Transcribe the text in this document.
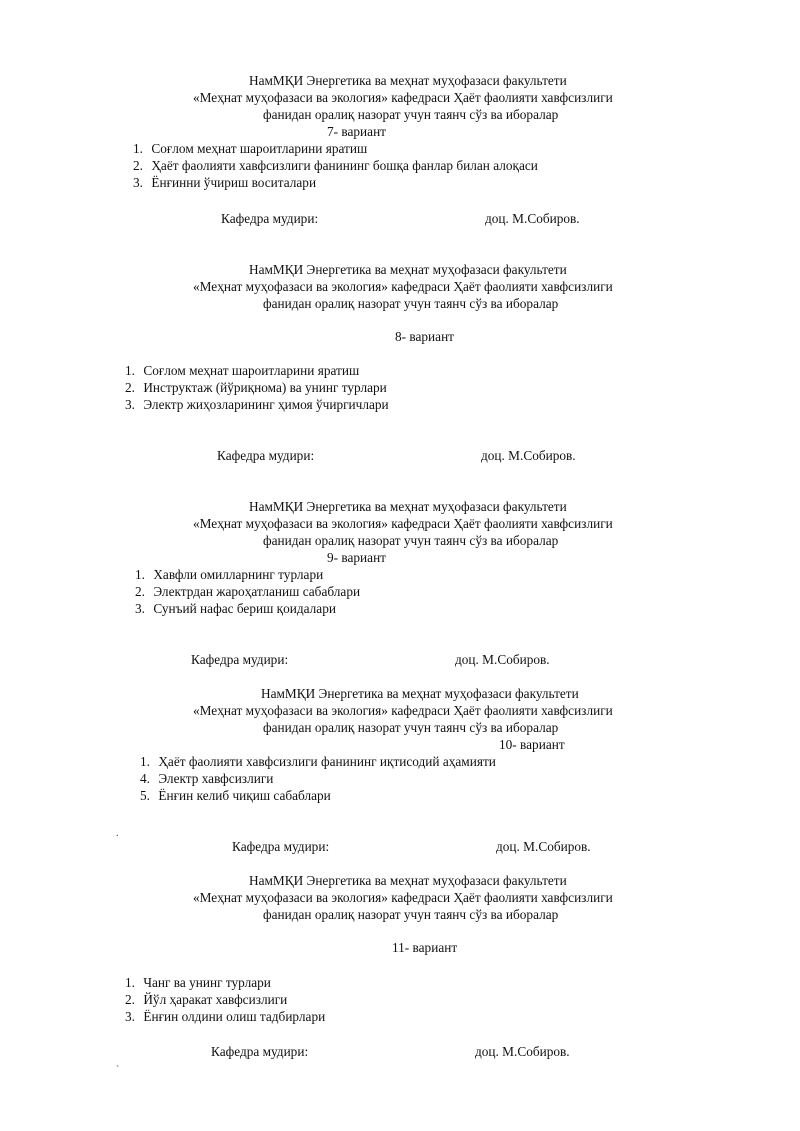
НамМҚИ Энергетика ва меҳнат муҳофазаси факультети
«Меҳнат муҳофазаси ва экология» кафедраси Ҳаёт фаолияти хавфсизлиги
фанидан оралиқ назорат учун таянч сўз ва иборалар
7- вариант
1. Соғлом меҳнат шароитларини яратиш
2. Ҳаёт фаолияти хавфсизлиги фанининг бошқа фанлар билан алоқаси
3. Ёнғинни ўчириш воситалари
Кафедра мудири:	доц. М.Собиров.
НамМҚИ Энергетика ва меҳнат муҳофазаси факультети
«Меҳнат муҳофазаси ва экология» кафедраси Ҳаёт фаолияти хавфсизлиги
фанидан оралиқ назорат учун таянч сўз ва иборалар
8- вариант
1. Соғлом меҳнат шароитларини яратиш
2. Инструктаж (йўриқнома) ва унинг турлари
3. Электр жиҳозларининг ҳимоя ўчиргичлари
Кафедра мудири:	доц. М.Собиров.
НамМҚИ Энергетика ва меҳнат муҳофазаси факультети
«Меҳнат муҳофазаси ва экология» кафедраси Ҳаёт фаолияти хавфсизлиги
фанидан оралиқ назорат учун таянч сўз ва иборалар
9- вариант
1. Хавфли омилларнинг турлари
2. Электрдан жароҳатланиш сабаблари
3. Сунъий нафас бериш қоидалари
Кафедра мудири:	доц. М.Собиров.
НамМҚИ Энергетика ва меҳнат муҳофазаси факультети
«Меҳнат муҳофазаси ва экология» кафедраси Ҳаёт фаолияти хавфсизлиги
фанидан оралиқ назорат учун таянч сўз ва иборалар
10- вариант
1. Ҳаёт фаолияти хавфсизлиги фанининг иқтисодий аҳамияти
4. Электр хавфсизлиги
5. Ёнғин келиб чиқиш сабаблари
.
Кафедра мудири:	доц. М.Собиров.
НамМҚИ Энергетика ва меҳнат муҳофазаси факультети
«Меҳнат муҳофазаси ва экология» кафедраси Ҳаёт фаолияти хавфсизлиги
фанидан оралиқ назорат учун таянч сўз ва иборалар
11- вариант
1. Чанг ва унинг турлари
2. Йўл ҳаракат хавфсизлиги
3. Ёнғин олдини олиш тадбирлари
Кафедра мудири:	доц. М.Собиров.
`
